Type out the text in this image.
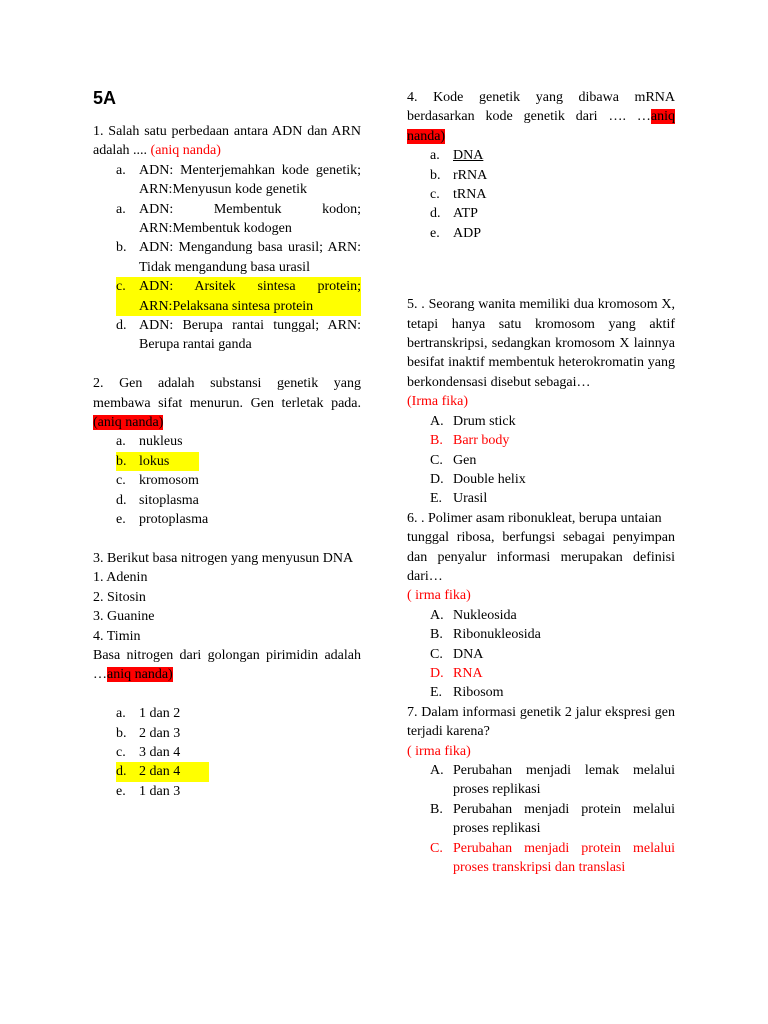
5A
1. Salah satu perbedaan antara ADN dan ARN adalah .... (aniq nanda)
a. ADN: Menterjemahkan kode genetik; ARN:Menyusun kode genetik
a. ADN: Membentuk kodon; ARN:Membentuk kodogen
b. ADN: Mengandung basa urasil; ARN: Tidak mengandung basa urasil
c. ADN: Arsitek sintesa protein; ARN:Pelaksana sintesa protein
d. ADN: Berupa rantai tunggal; ARN: Berupa rantai ganda
2. Gen adalah substansi genetik yang membawa sifat menurun. Gen terletak pada. (aniq nanda)
a. nukleus
b. lokus
c. kromosom
d. sitoplasma
e. protoplasma
3. Berikut basa nitrogen yang menyusun DNA
1. Adenin
2. Sitosin
3. Guanine
4. Timin
Basa nitrogen dari golongan pirimidin adalah …aniq nanda)
a. 1 dan 2
b. 2 dan 3
c. 3 dan 4
d. 2 dan 4
e. 1 dan 3
4. Kode genetik yang dibawa mRNA berdasarkan kode genetik dari …. …aniq nanda)
a. DNA
b. rRNA
c. tRNA
d. ATP
e. ADP
5. . Seorang wanita memiliki dua kromosom X, tetapi hanya satu kromosom yang aktif bertranskripsi, sedangkan kromosom X lainnya besifat inaktif membentuk heterokromatin yang berkondensasi disebut sebagai…
(Irma fika)
A. Drum stick
B. Barr body
C. Gen
D. Double helix
E. Urasil
6. . Polimer asam ribonukleat, berupa untaian
tunggal ribosa, berfungsi sebagai penyimpan dan penyalur informasi merupakan definisi dari…
( irma fika)
A. Nukleosida
B. Ribonukleosida
C. DNA
D. RNA
E. Ribosom
7. Dalam informasi genetik 2 jalur ekspresi gen terjadi karena?
( irma fika)
A. Perubahan menjadi lemak melalui proses replikasi
B. Perubahan menjadi protein melalui proses replikasi
C. Perubahan menjadi protein melalui proses transkripsi dan translasi
